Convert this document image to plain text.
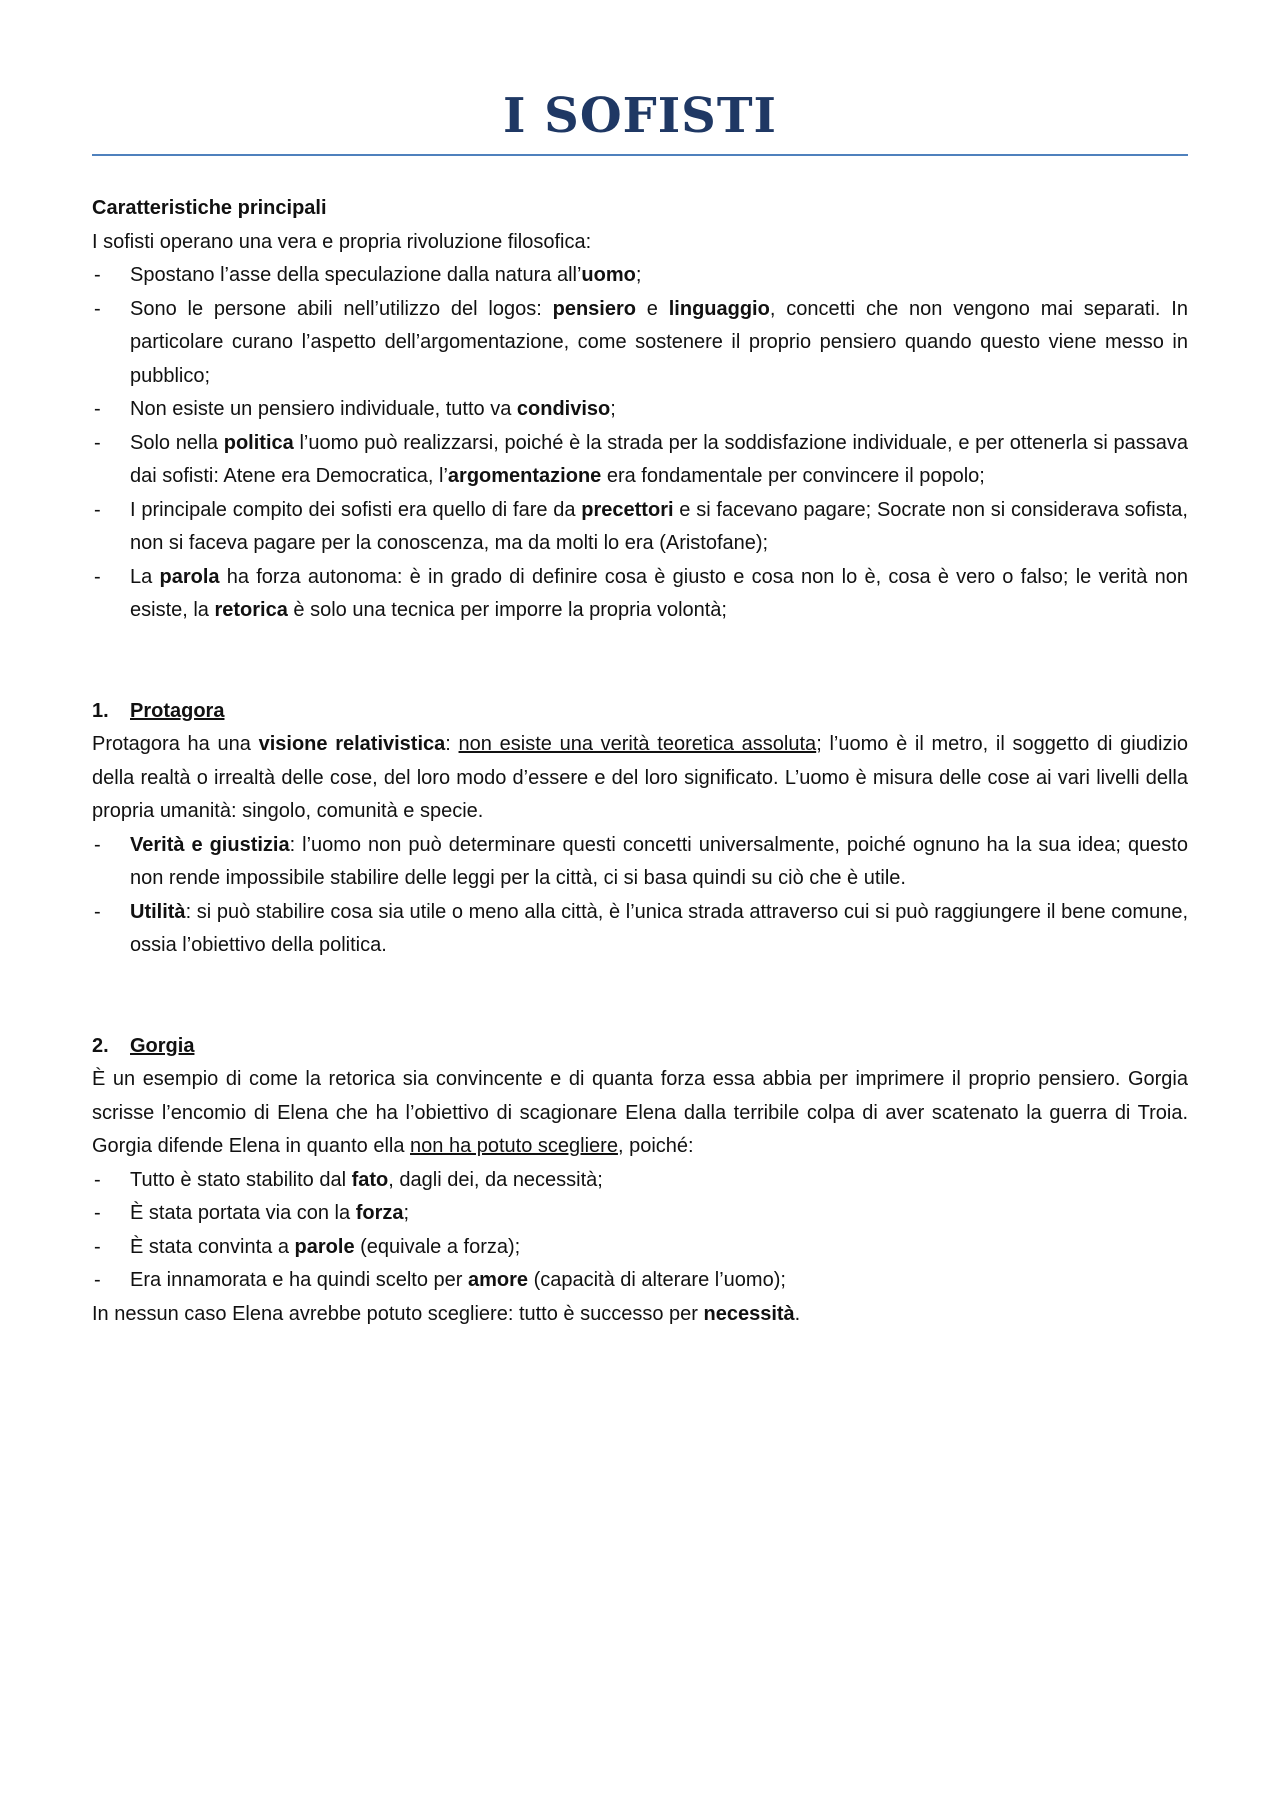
I SOFISTI
Caratteristiche principali
I sofisti operano una vera e propria rivoluzione filosofica:
- Spostano l’asse della speculazione dalla natura all’uomo;
- Sono le persone abili nell’utilizzo del logos: pensiero e linguaggio, concetti che non vengono mai separati. In particolare curano l’aspetto dell’argomentazione, come sostenere il proprio pensiero quando questo viene messo in pubblico;
- Non esiste un pensiero individuale, tutto va condiviso;
- Solo nella politica l’uomo può realizzarsi, poiché è la strada per la soddisfazione individuale, e per ottenerla si passava dai sofisti: Atene era Democratica, l’argomentazione era fondamentale per convincere il popolo;
- I principale compito dei sofisti era quello di fare da precettori e si facevano pagare; Socrate non si considerava sofista, non si faceva pagare per la conoscenza, ma da molti lo era (Aristofane);
- La parola ha forza autonoma: è in grado di definire cosa è giusto e cosa non lo è, cosa è vero o falso; le verità non esiste, la retorica è solo una tecnica per imporre la propria volontà;
1. Protagora
Protagora ha una visione relativistica: non esiste una verità teoretica assoluta; l’uomo è il metro, il soggetto di giudizio della realtà o irrealtà delle cose, del loro modo d’essere e del loro significato. L’uomo è misura delle cose ai vari livelli della propria umanità: singolo, comunità e specie.
- Verità e giustizia: l’uomo non può determinare questi concetti universalmente, poiché ognuno ha la sua idea; questo non rende impossibile stabilire delle leggi per la città, ci si basa quindi su ciò che è utile.
- Utilità: si può stabilire cosa sia utile o meno alla città, è l’unica strada attraverso cui si può raggiungere il bene comune, ossia l’obiettivo della politica.
2. Gorgia
È un esempio di come la retorica sia convincente e di quanta forza essa abbia per imprimere il proprio pensiero. Gorgia scrisse l’encomio di Elena che ha l’obiettivo di scagionare Elena dalla terribile colpa di aver scatenato la guerra di Troia. Gorgia difende Elena in quanto ella non ha potuto scegliere, poiché:
- Tutto è stato stabilito dal fato, dagli dei, da necessità;
- È stata portata via con la forza;
- È stata convinta a parole (equivale a forza);
- Era innamorata e ha quindi scelto per amore (capacità di alterare l’uomo);
In nessun caso Elena avrebbe potuto scegliere: tutto è successo per necessità.
